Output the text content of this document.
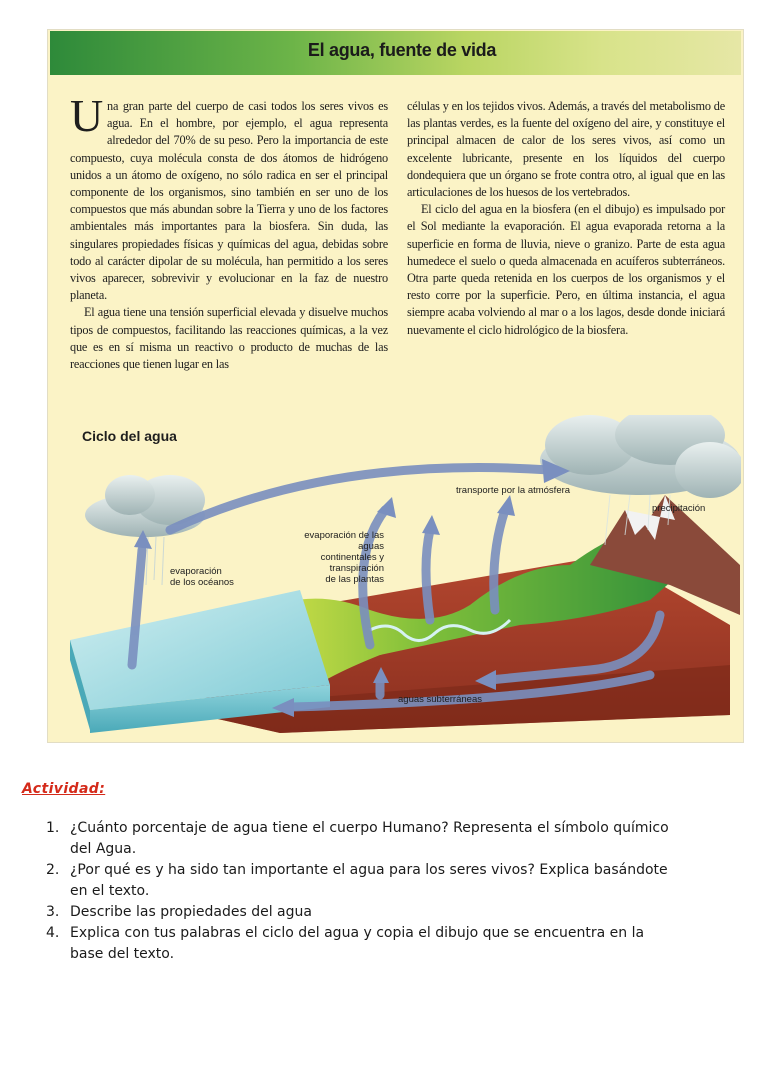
El agua, fuente de vida

Una gran parte del cuerpo de casi todos los seres vivos es agua. En el hombre, por ejemplo, el agua representa alrededor del 70% de su peso. Pero la importancia de este compuesto, cuya molécula consta de dos átomos de hidrógeno unidos a un átomo de oxígeno, no sólo radica en ser el principal componente de los organismos, sino también en ser uno de los compuestos que más abundan sobre la Tierra y uno de los factores ambientales más importantes para la biosfera. Sin duda, las singulares propiedades físicas y químicas del agua, debidas sobre todo al carácter dipolar de su molécula, han permitido a los seres vivos aparecer, sobrevivir y evolucionar en la faz de nuestro planeta.

El agua tiene una tensión superficial elevada y disuelve muchos tipos de compuestos, facilitando las reacciones químicas, a la vez que es en sí misma un reactivo o producto de muchas de las reacciones que tienen lugar en las

células y en los tejidos vivos. Además, a través del metabolismo de las plantas verdes, es la fuente del oxígeno del aire, y constituye el principal almacen de calor de los seres vivos, así como un excelente lubricante, presente en los líquidos del cuerpo dondequiera que un órgano se frote contra otro, al igual que en las articulaciones de los huesos de los vertebrados.

El ciclo del agua en la biosfera (en el dibujo) es impulsado por el Sol mediante la evaporación. El agua evaporada retorna a la superficie en forma de lluvia, nieve o granizo. Parte de esta agua humedece el suelo o queda almacenada en acuíferos subterráneos. Otra parte queda retenida en los cuerpos de los organismos y el resto corre por la superficie. Pero, en última instancia, el agua siempre acaba volviendo al mar o a los lagos, desde donde iniciará nuevamente el ciclo hidrológico de la biosfera.

Ciclo del agua
transporte por la atmósfera
precipitación
evaporación de las aguas
continentales y transpiración
de las plantas
evaporación
de los océanos
aguas subterráneas
Actividad:
1. ¿Cuánto porcentaje de agua tiene el cuerpo Humano? Representa el símbolo químico
del Agua.
2. ¿Por qué es y ha sido tan importante el agua para los seres vivos? Explica basándote
en el texto.
3. Describe las propiedades del agua
4. Explica con tus palabras el ciclo del agua y copia el dibujo que se encuentra en la
base del texto.
